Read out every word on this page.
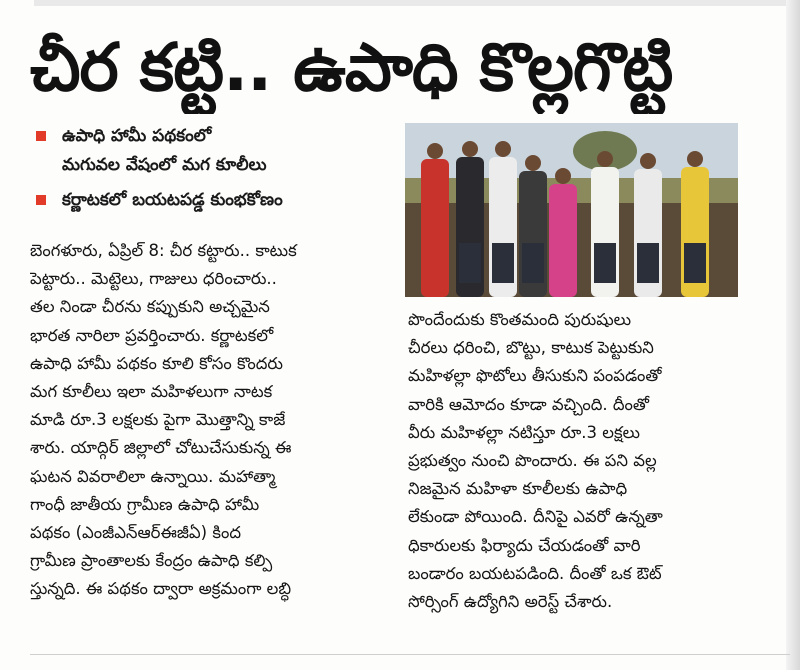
చీర కట్టి.. ఉపాధి కొల్లగొట్టి
ఉపాధి హామీ పథకంలో
మగువల వేషంలో మగ కూలీలు
కర్ణాటకలో బయటపడ్డ కుంభకోణం
బెంగళూరు, ఏప్రిల్ 8: చీర కట్టారు.. కాటుక
పెట్టారు.. మెట్టెలు, గాజులు ధరించారు..
తల నిండా చీరను కప్పుకుని అచ్చమైన
భారత నారిలా ప్రవర్తించారు. కర్ణాటకలో
ఉపాధి హామీ పథకం కూలి కోసం కొందరు
మగ కూలీలు ఇలా మహిళలుగా నాటక
మాడి రూ.3 లక్షలకు పైగా మొత్తాన్ని కాజే
శారు. యాద్గిర్ జిల్లాలో చోటుచేసుకున్న ఈ
ఘటన వివరాలిలా ఉన్నాయి. మహాత్మా
గాంధీ జాతీయ గ్రామీణ ఉపాధి హామీ
పథకం (ఎంజీఎన్ఆర్ఈజీఏ) కింద
గ్రామీణ ప్రాంతాలకు కేంద్రం ఉపాధి కల్పి
స్తున్నది. ఈ పథకం ద్వారా అక్రమంగా లబ్ధి
పొందేందుకు కొంతమంది పురుషులు
చీరలు ధరించి, బొట్టు, కాటుక పెట్టుకుని
మహిళల్లా ఫొటోలు తీసుకుని పంపడంతో
వారికి ఆమోదం కూడా వచ్చింది. దీంతో
వీరు మహిళల్లా నటిస్తూ రూ.3 లక్షలు
ప్రభుత్వం నుంచి పొందారు. ఈ పని వల్ల
నిజమైన మహిళా కూలీలకు ఉపాధి
లేకుండా పోయింది. దీనిపై ఎవరో ఉన్నతా
ధికారులకు ఫిర్యాదు చేయడంతో వారి
బండారం బయటపడింది. దీంతో ఒక ఔట్
సోర్సింగ్ ఉద్యోగిని అరెస్ట్ చేశారు.
